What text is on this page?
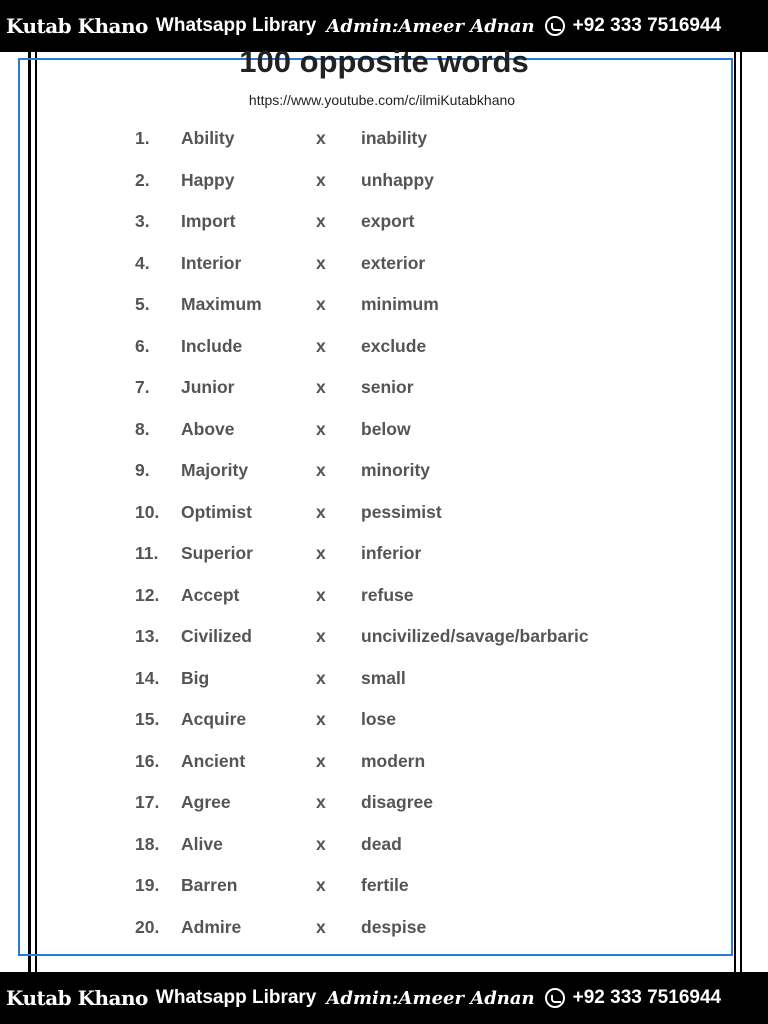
Kutab Khano Whatsapp Library Admin:Ameer Adnan +92 333 7516944
100 opposite words
https://www.youtube.com/c/ilmiKutabkhano
1. Ability	x inability
2. Happy	x unhappy
3. Import	x export
4. Interior	x exterior
5. Maximum	x minimum
6. Include	x exclude
7. Junior	x senior
8. Above	x below
9. Majority	x minority
10. Optimist	x pessimist
11. Superior	x inferior
12. Accept	x refuse
13. Civilized	x uncivilized/savage/barbaric
14. Big	x small
15. Acquire	x lose
16. Ancient	x modern
17. Agree	x disagree
18. Alive	x dead
19. Barren	x fertile
20. Admire	x despise
Kutab Khano Whatsapp Library Admin:Ameer Adnan +92 333 7516944
